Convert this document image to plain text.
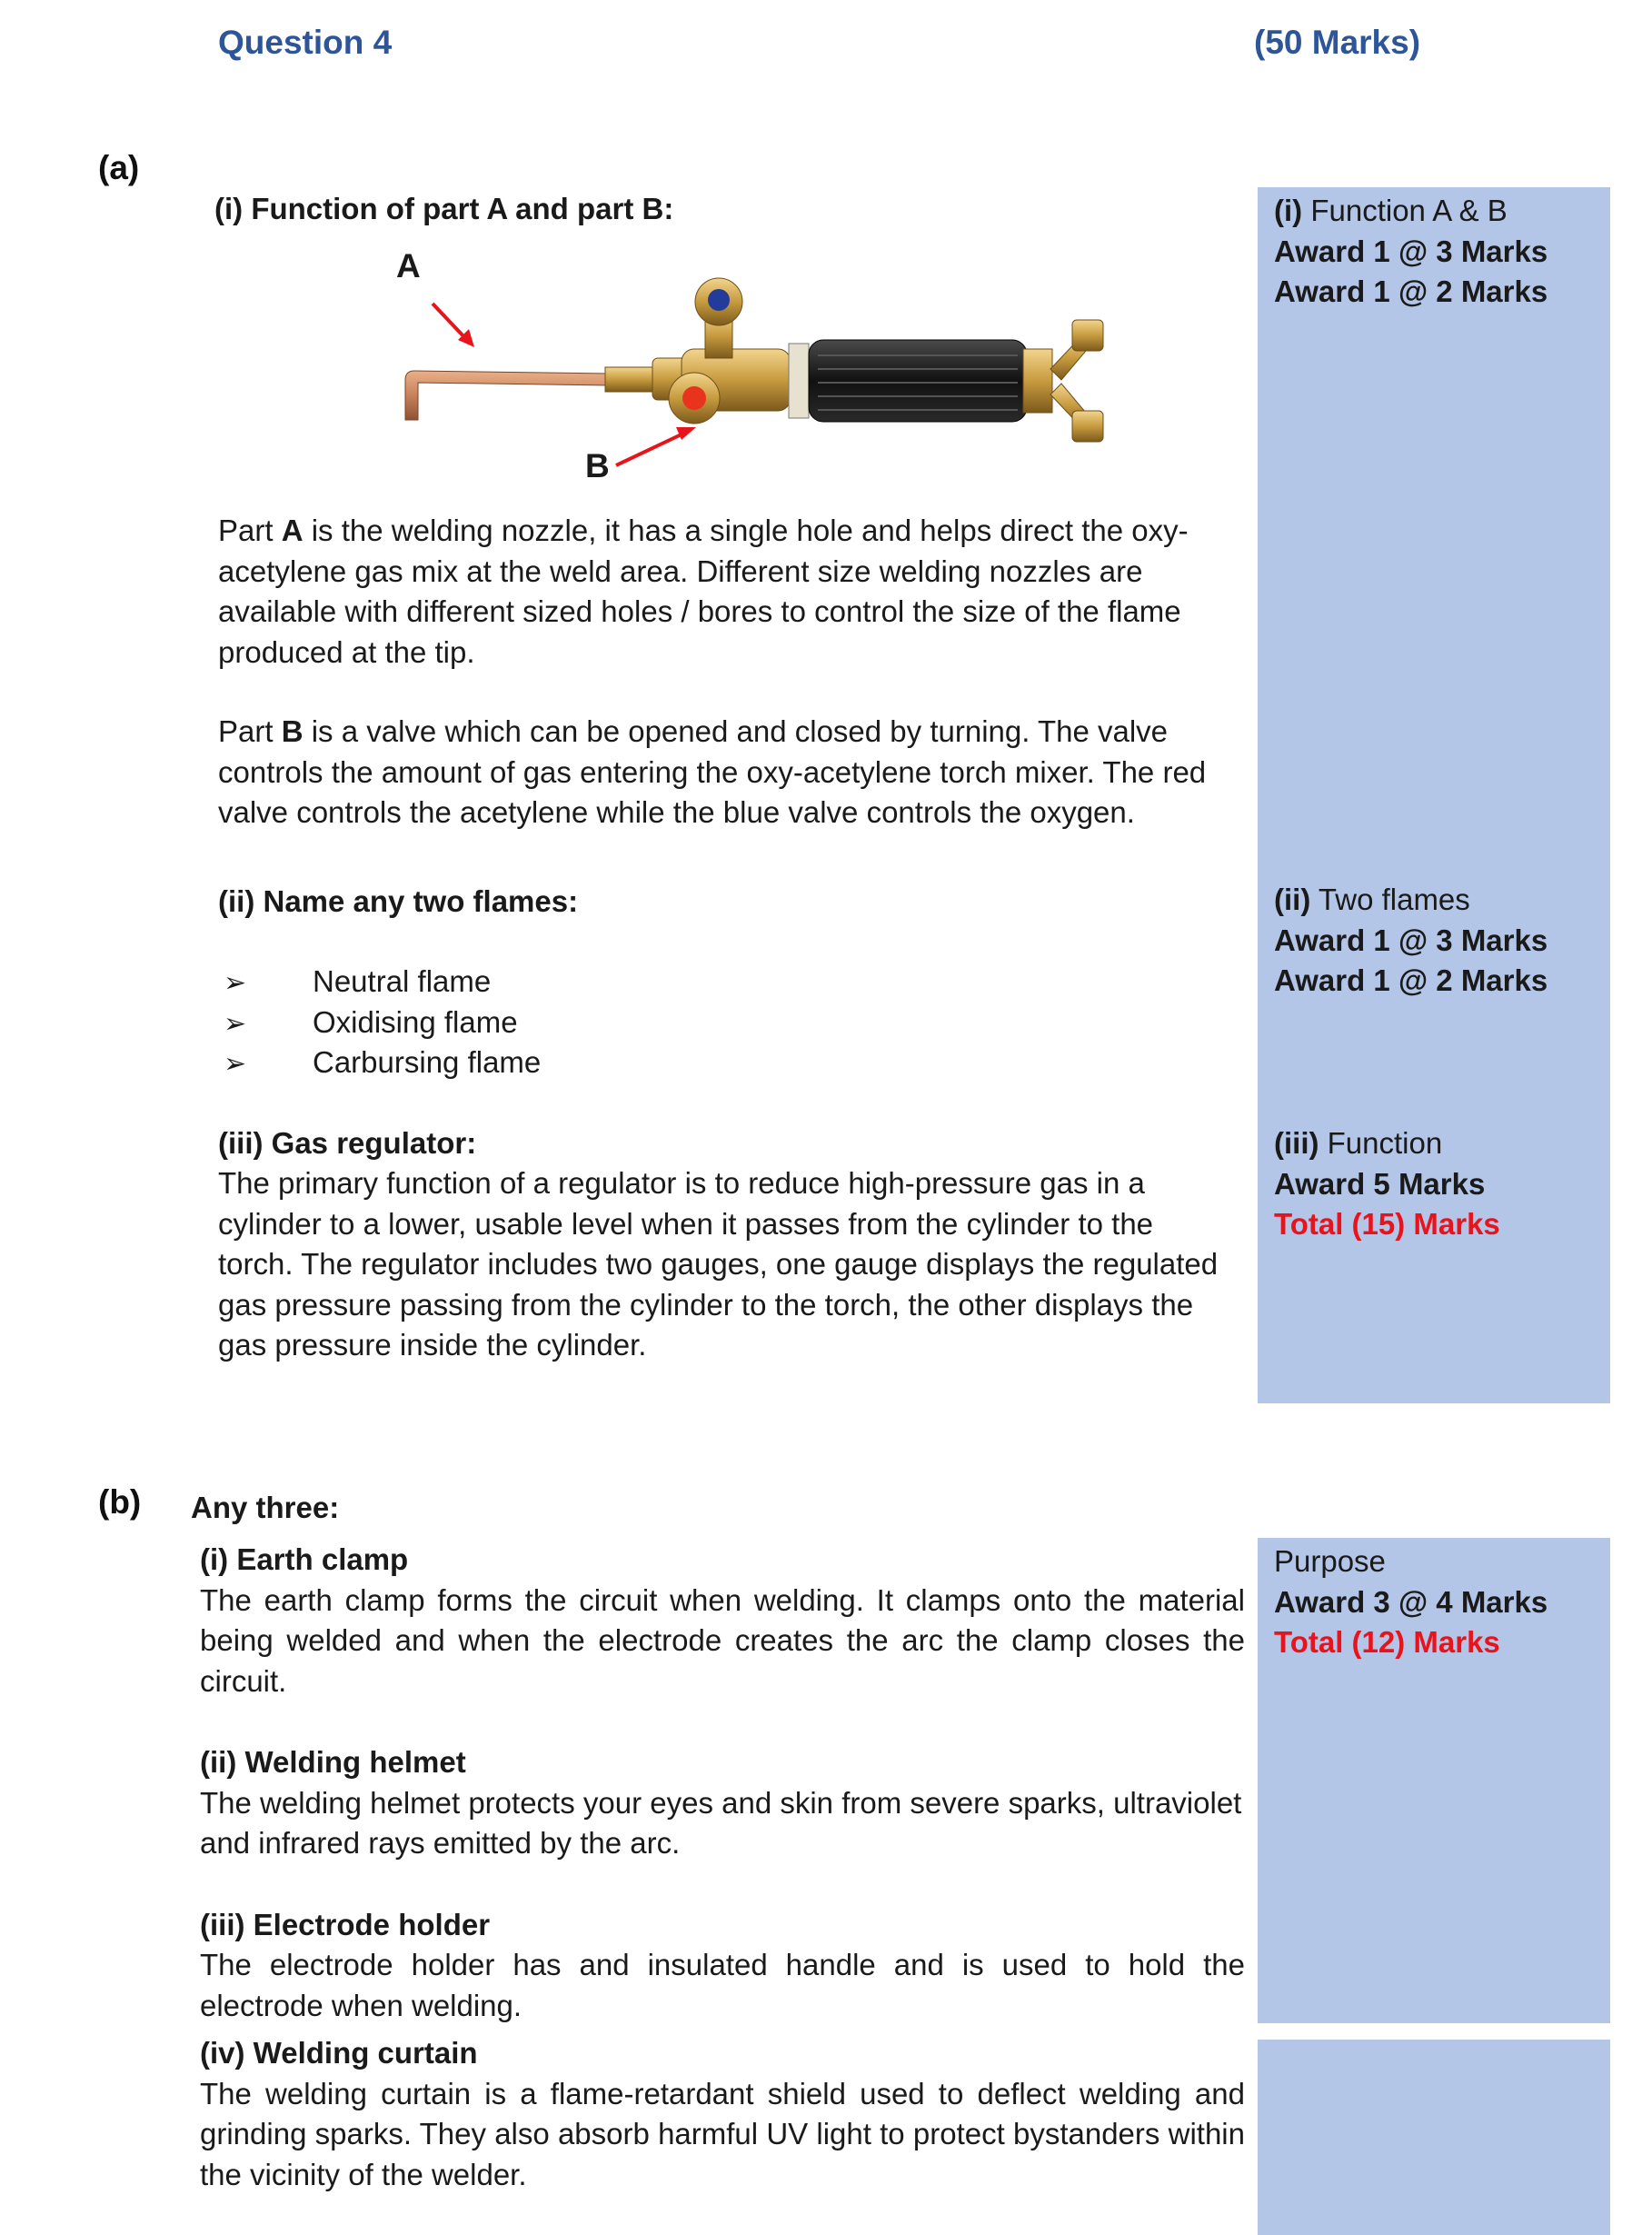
Question 4	(50 Marks)
(a)
(i) Function A & B
Award 1 @ 3 Marks
Award 1 @ 2 Marks
(ii) Two flames
Award 1 @ 3 Marks
Award 1 @ 2 Marks
(iii) Function
Award 5 Marks
Total (15) Marks
(i) Function of part A and part B:
A
B
Part A is the welding nozzle, it has a single hole and helps direct the oxy-acetylene gas mix at the weld area. Different size welding nozzles are available with different sized holes / bores to control the size of the flame produced at the tip.
Part B is a valve which can be opened and closed by turning. The valve controls the amount of gas entering the oxy-acetylene torch mixer. The red valve controls the acetylene while the blue valve controls the oxygen.
(ii) Name any two flames:
➢ Neutral flame
➢ Oxidising flame
➢ Carbursing flame
(iii) Gas regulator:
The primary function of a regulator is to reduce high-pressure gas in a cylinder to a lower, usable level when it passes from the cylinder to the torch. The regulator includes two gauges, one gauge displays the regulated gas pressure passing from the cylinder to the torch, the other displays the gas pressure inside the cylinder.
(b) Any three:
Purpose
Award 3 @ 4 Marks
Total (12) Marks
(i) Earth clamp
The earth clamp forms the circuit when welding. It clamps onto the material being welded and when the electrode creates the arc the clamp closes the circuit.
(ii) Welding helmet
The welding helmet protects your eyes and skin from severe sparks, ultraviolet and infrared rays emitted by the arc.
(iii) Electrode holder
The electrode holder has and insulated handle and is used to hold the electrode when welding.
(iv) Welding curtain
The welding curtain is a flame-retardant shield used to deflect welding and grinding sparks. They also absorb harmful UV light to protect bystanders within the vicinity of the welder.
